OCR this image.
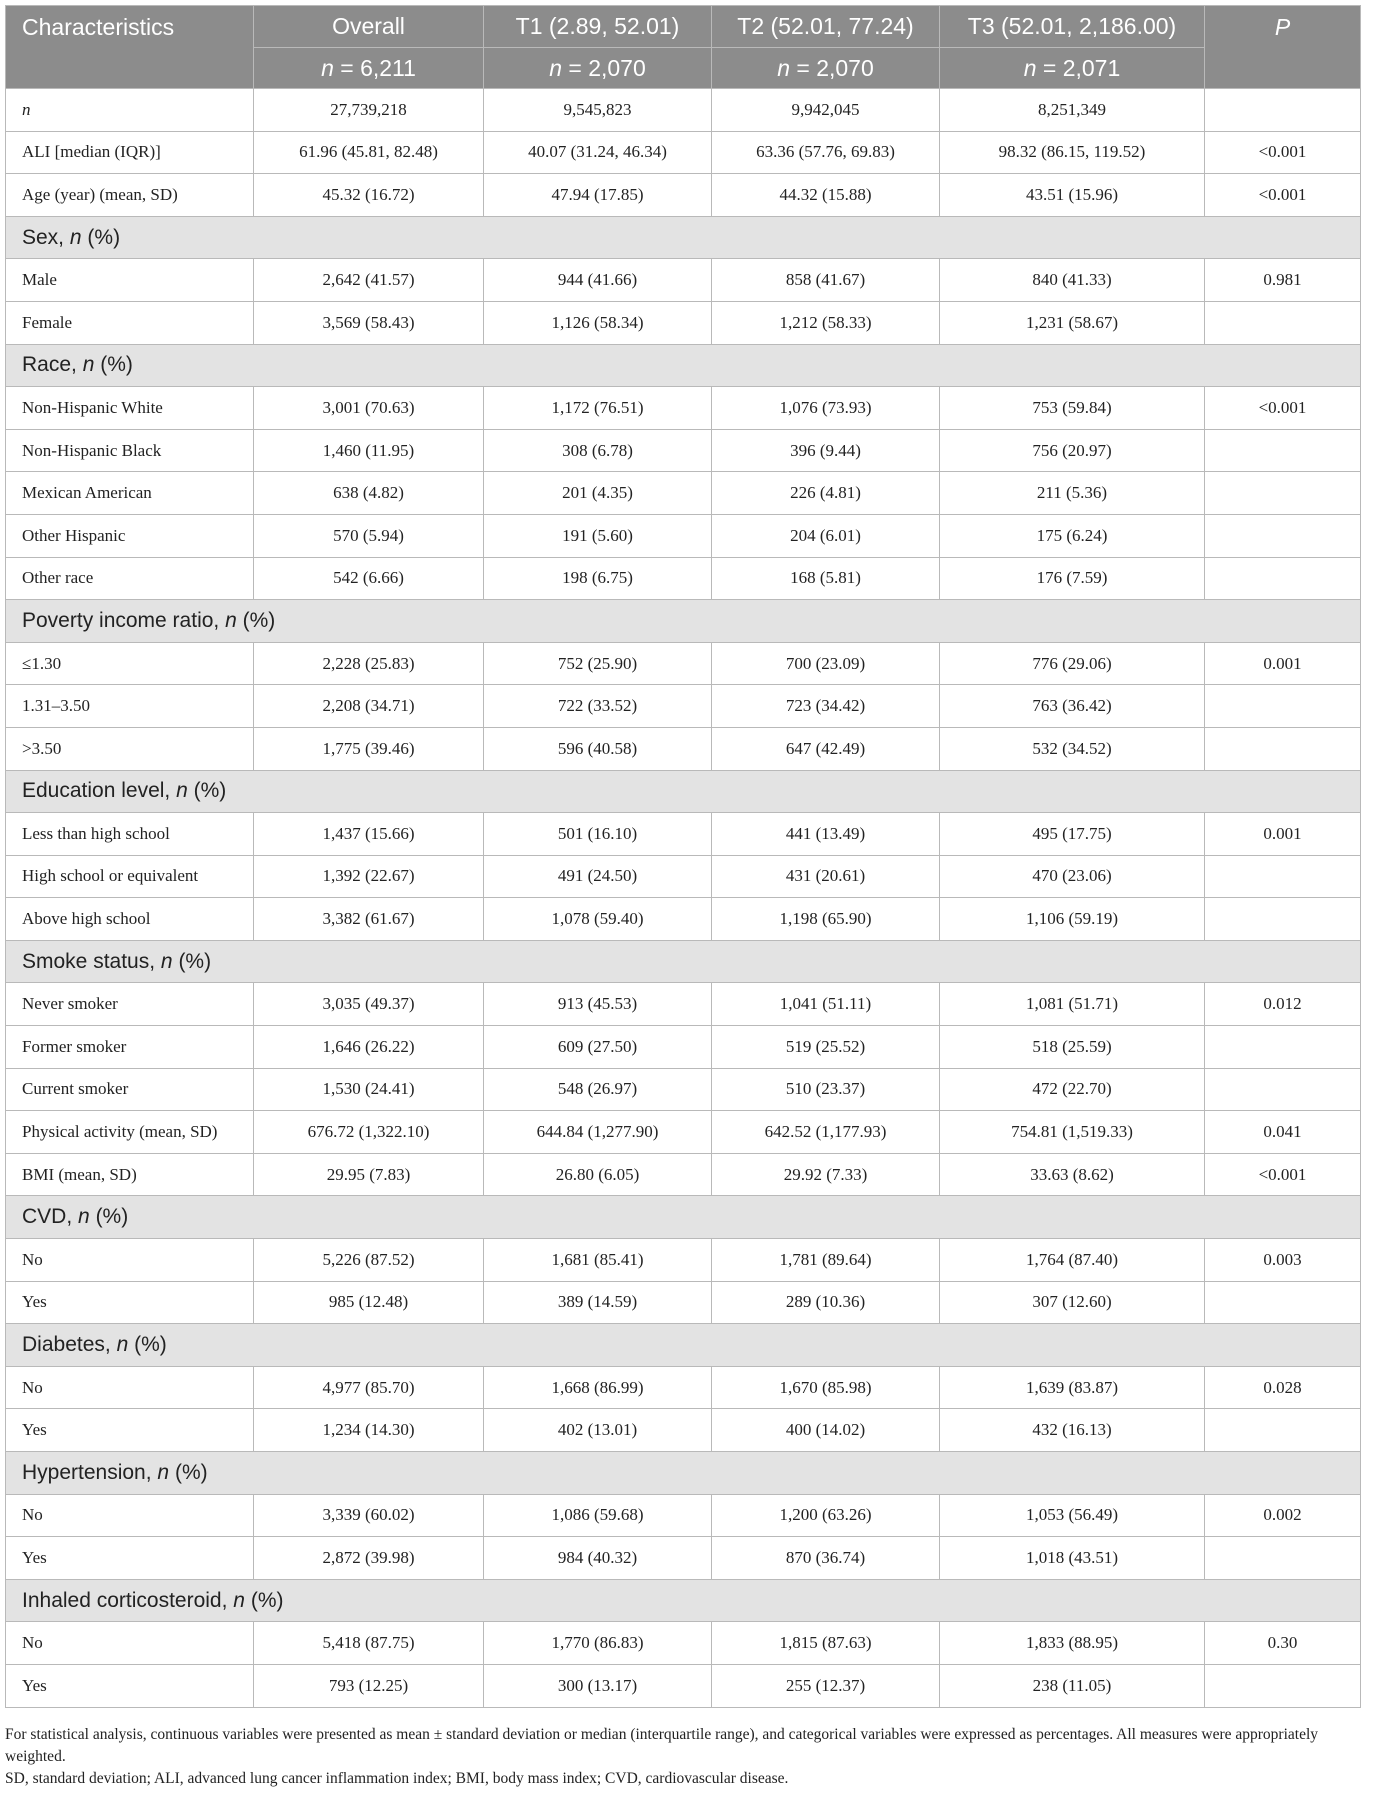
Characteristics	Overall	T1 (2.89, 52.01)	T2 (52.01, 77.24)	T3 (52.01, 2,186.00)	P
	n = 6,211	n = 2,070	n = 2,070	n = 2,071	
n	27,739,218	9,545,823	9,942,045	8,251,349	
ALI [median (IQR)]	61.96 (45.81, 82.48)	40.07 (31.24, 46.34)	63.36 (57.76, 69.83)	98.32 (86.15, 119.52)	<0.001
Age (year) (mean, SD)	45.32 (16.72)	47.94 (17.85)	44.32 (15.88)	43.51 (15.96)	<0.001
Sex, n (%)					
Male	2,642 (41.57)	944 (41.66)	858 (41.67)	840 (41.33)	0.981
Female	3,569 (58.43)	1,126 (58.34)	1,212 (58.33)	1,231 (58.67)	
Race, n (%)					
Non-Hispanic White	3,001 (70.63)	1,172 (76.51)	1,076 (73.93)	753 (59.84)	<0.001
Non-Hispanic Black	1,460 (11.95)	308 (6.78)	396 (9.44)	756 (20.97)	
Mexican American	638 (4.82)	201 (4.35)	226 (4.81)	211 (5.36)	
Other Hispanic	570 (5.94)	191 (5.60)	204 (6.01)	175 (6.24)	
Other race	542 (6.66)	198 (6.75)	168 (5.81)	176 (7.59)	
Poverty income ratio, n (%)					
≤1.30	2,228 (25.83)	752 (25.90)	700 (23.09)	776 (29.06)	0.001
1.31–3.50	2,208 (34.71)	722 (33.52)	723 (34.42)	763 (36.42)	
>3.50	1,775 (39.46)	596 (40.58)	647 (42.49)	532 (34.52)	
Education level, n (%)					
Less than high school	1,437 (15.66)	501 (16.10)	441 (13.49)	495 (17.75)	0.001
High school or equivalent	1,392 (22.67)	491 (24.50)	431 (20.61)	470 (23.06)	
Above high school	3,382 (61.67)	1,078 (59.40)	1,198 (65.90)	1,106 (59.19)	
Smoke status, n (%)					
Never smoker	3,035 (49.37)	913 (45.53)	1,041 (51.11)	1,081 (51.71)	0.012
Former smoker	1,646 (26.22)	609 (27.50)	519 (25.52)	518 (25.59)	
Current smoker	1,530 (24.41)	548 (26.97)	510 (23.37)	472 (22.70)	
Physical activity (mean, SD)	676.72 (1,322.10)	644.84 (1,277.90)	642.52 (1,177.93)	754.81 (1,519.33)	0.041
BMI (mean, SD)	29.95 (7.83)	26.80 (6.05)	29.92 (7.33)	33.63 (8.62)	<0.001
CVD, n (%)					
No	5,226 (87.52)	1,681 (85.41)	1,781 (89.64)	1,764 (87.40)	0.003
Yes	985 (12.48)	389 (14.59)	289 (10.36)	307 (12.60)	
Diabetes, n (%)					
No	4,977 (85.70)	1,668 (86.99)	1,670 (85.98)	1,639 (83.87)	0.028
Yes	1,234 (14.30)	402 (13.01)	400 (14.02)	432 (16.13)	
Hypertension, n (%)					
No	3,339 (60.02)	1,086 (59.68)	1,200 (63.26)	1,053 (56.49)	0.002
Yes	2,872 (39.98)	984 (40.32)	870 (36.74)	1,018 (43.51)	
Inhaled corticosteroid, n (%)					
No	5,418 (87.75)	1,770 (86.83)	1,815 (87.63)	1,833 (88.95)	0.30
Yes	793 (12.25)	300 (13.17)	255 (12.37)	238 (11.05)	

For statistical analysis, continuous variables were presented as mean ± standard deviation or median (interquartile range), and categorical variables were expressed as percentages. All measures were appropriately weighted.

SD, standard deviation; ALI, advanced lung cancer inflammation index; BMI, body mass index; CVD, cardiovascular disease.
